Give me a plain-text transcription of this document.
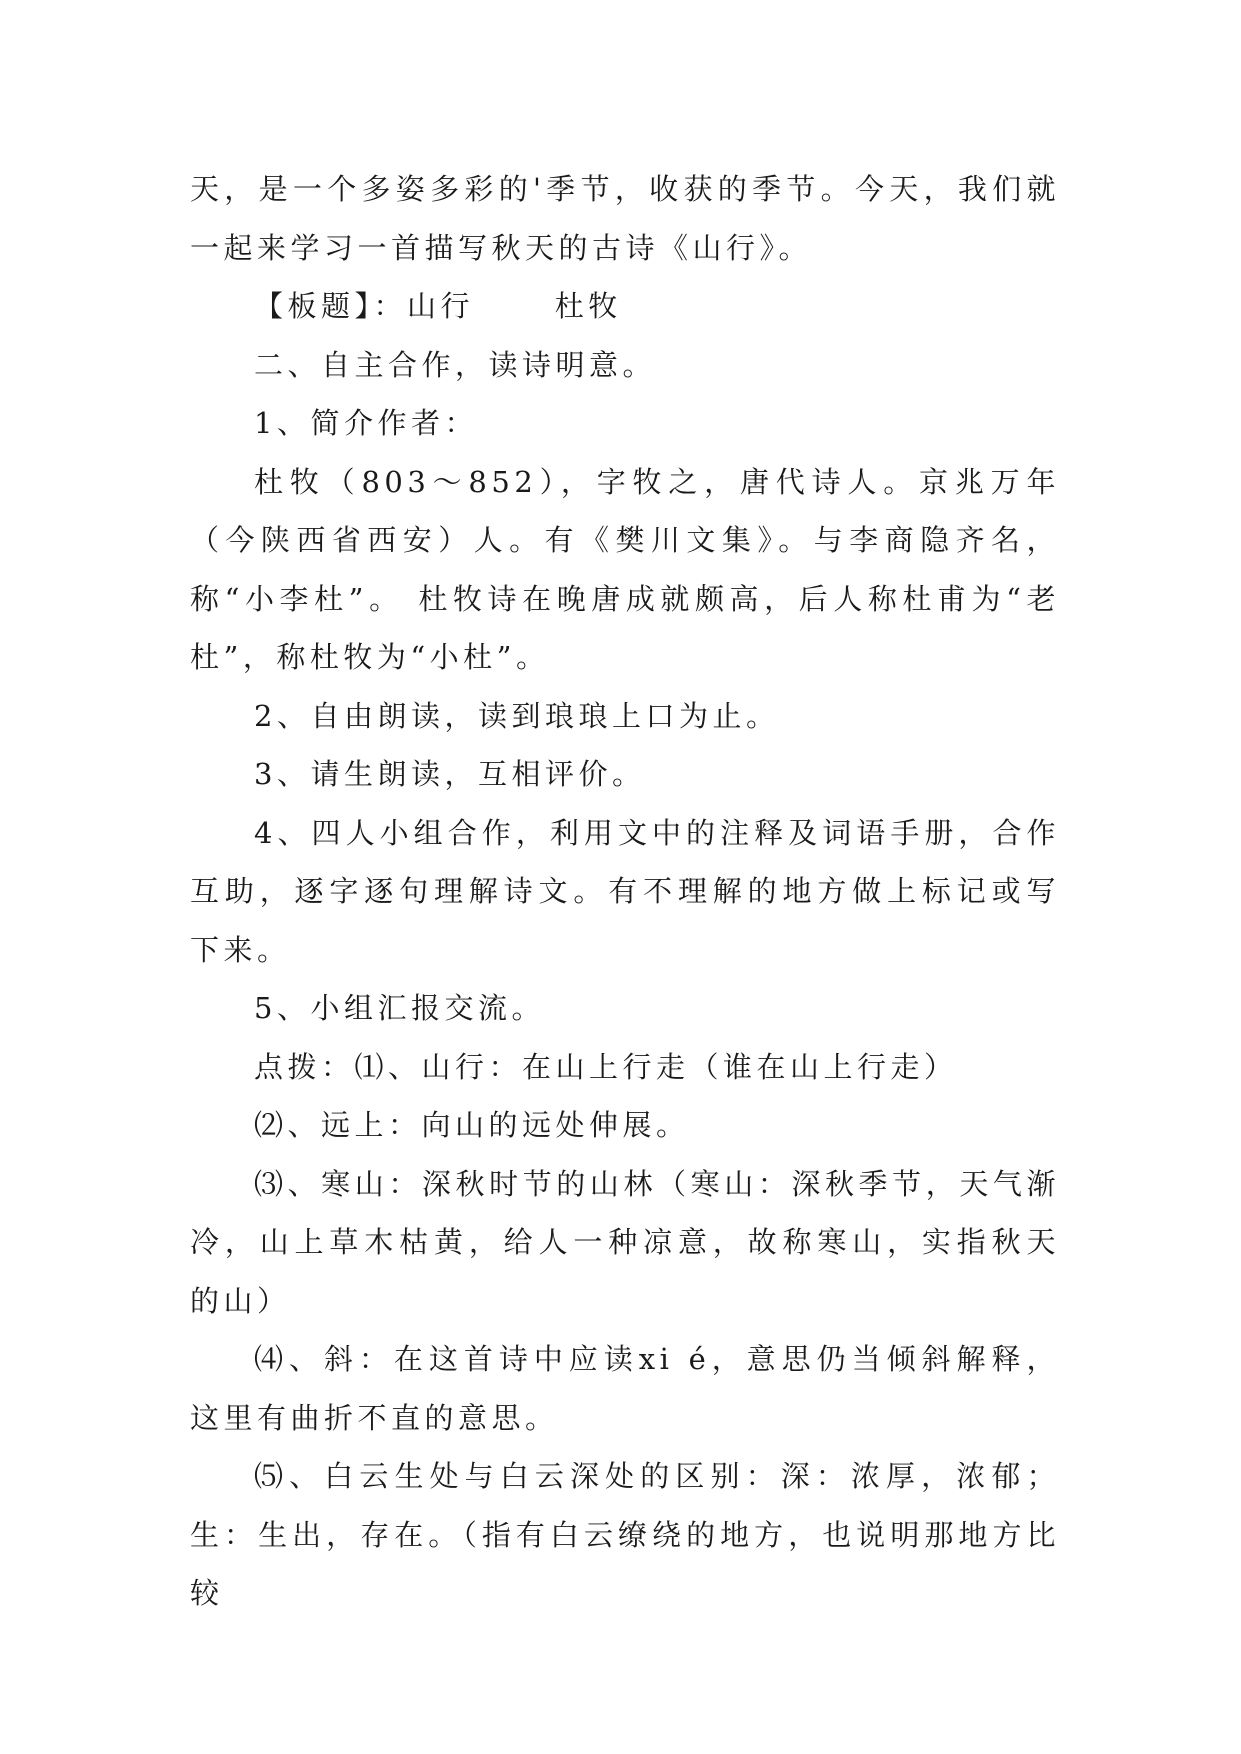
天，是一个多姿多彩的'季节，收获的季节。今天，我们就一起来学习一首描写秋天的古诗《山行》。

【板题】：山行　　 杜牧

二、自主合作，读诗明意。

1、简介作者：

杜牧（803～852），字牧之，唐代诗人。京兆万年（今陕西省西安）人。有《樊川文集》。与李商隐齐名，称“小李杜”。 杜牧诗在晚唐成就颇高，后人称杜甫为“老杜”，称杜牧为“小杜”。

2、自由朗读，读到琅琅上口为止。

3、请生朗读，互相评价。

4、四人小组合作，利用文中的注释及词语手册，合作互助，逐字逐句理解诗文。有不理解的地方做上标记或写下来。

5、小组汇报交流。

点拨：⑴、山行：在山上行走（谁在山上行走）

⑵、远上：向山的远处伸展。

⑶、寒山：深秋时节的山林（寒山：深秋季节，天气渐冷，山上草木枯黄，给人一种凉意，故称寒山，实指秋天的山）

⑷、斜：在这首诗中应读xi é，意思仍当倾斜解释，这里有曲折不直的意思。

⑸、白云生处与白云深处的区别：深：浓厚，浓郁；生：生出，存在。（指有白云缭绕的地方，也说明那地方比较
